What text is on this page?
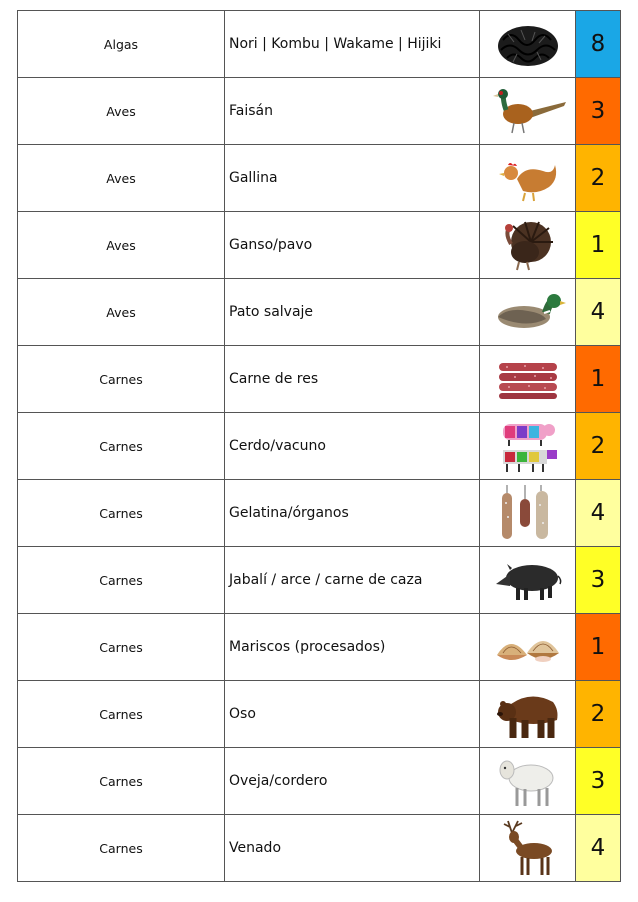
Algas	Nori | Kombu | Wakame | Hijiki		8
Aves	Faisán		3
Aves	Gallina		2
Aves	Ganso/pavo		1
Aves	Pato salvaje		4
Carnes	Carne de res		1
Carnes	Cerdo/vacuno		2
Carnes	Gelatina/órganos		4
Carnes	Jabalí / arce / carne de caza		3
Carnes	Mariscos (procesados)		1
Carnes	Oso		2
Carnes	Oveja/cordero		3
Carnes	Venado		4
